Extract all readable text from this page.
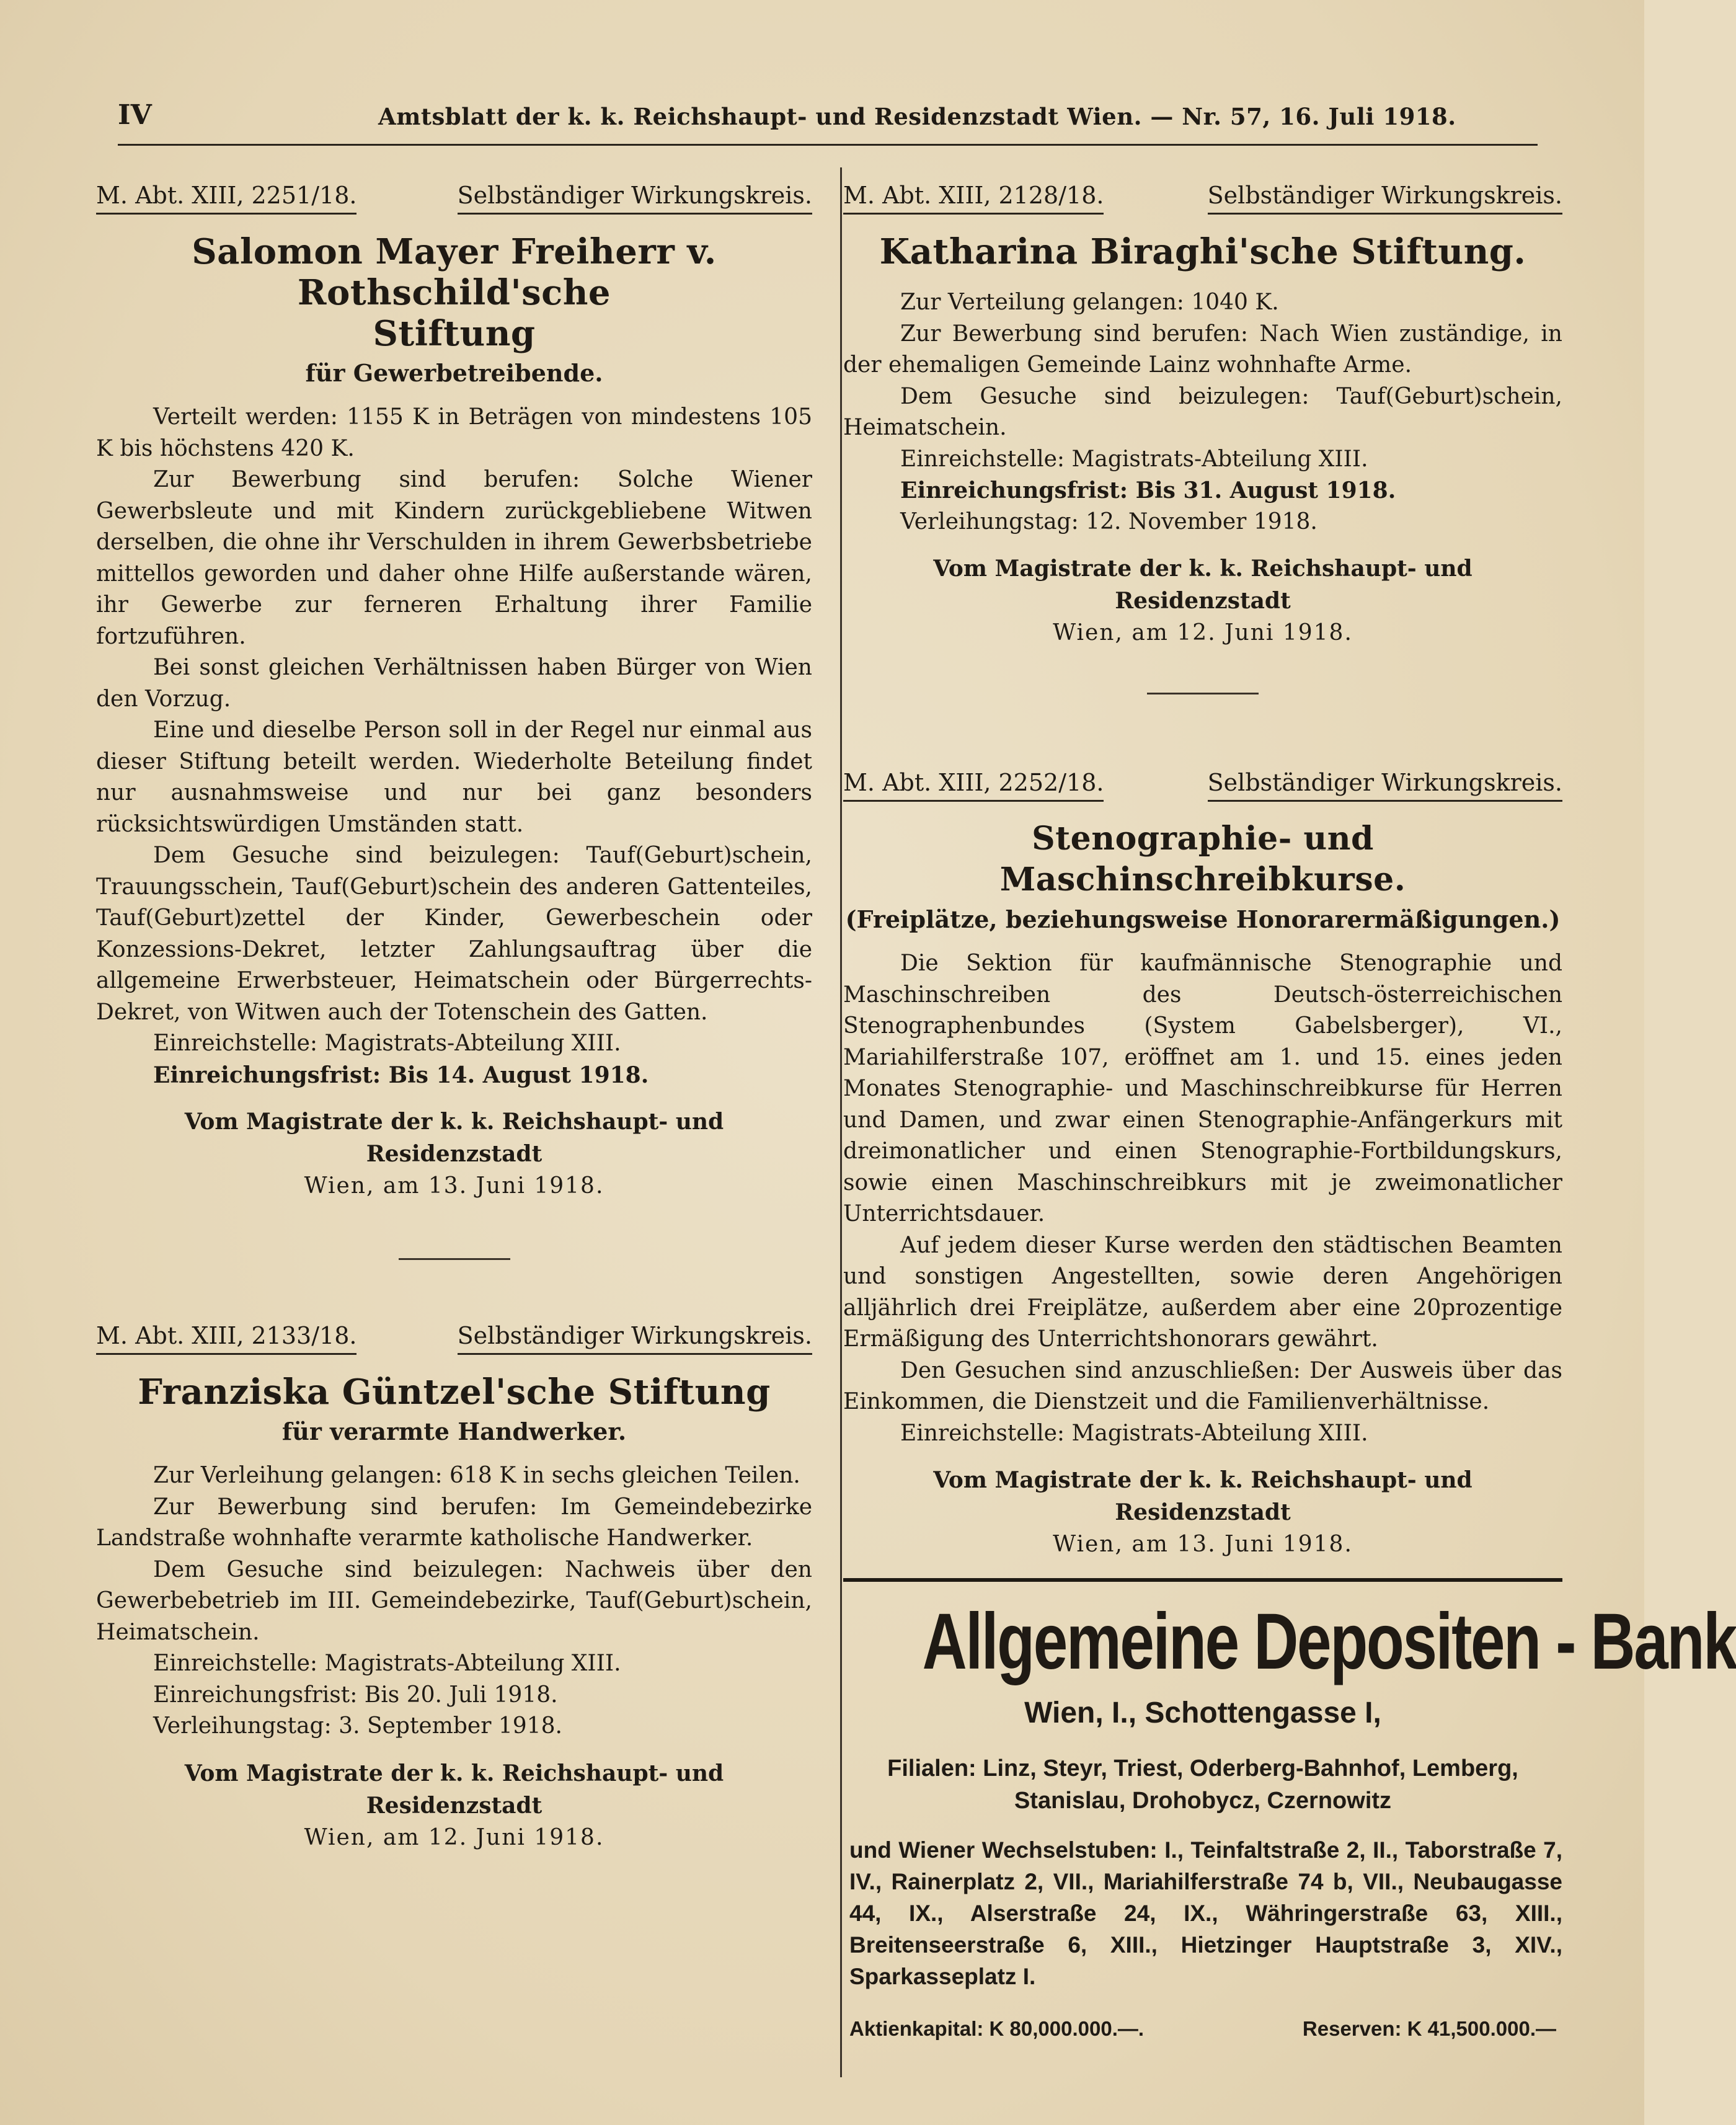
IV	Amtsblatt der k. k. Reichshaupt- und Residenzstadt Wien. — Nr. 57, 16. Juli 1918.
M. Abt. XIII, 2251/18.	Selbständiger Wirkungskreis.
Salomon Mayer Freiherr v. Rothschild'sche
Stiftung
für Gewerbetreibende.

Verteilt werden: 1155 K in Beträgen von mindestens 105 K bis höchstens 420 K.

Zur Bewerbung sind berufen: Solche Wiener Gewerbsleute und mit Kindern zurückgebliebene Witwen derselben, die ohne ihr Verschulden in ihrem Gewerbsbetriebe mittellos geworden und daher ohne Hilfe außerstande wären, ihr Gewerbe zur ferneren Erhaltung ihrer Familie fortzuführen.

Bei sonst gleichen Verhältnissen haben Bürger von Wien den Vorzug.

Eine und dieselbe Person soll in der Regel nur einmal aus dieser Stiftung beteilt werden. Wiederholte Beteilung findet nur ausnahmsweise und nur bei ganz besonders rücksichtswürdigen Umständen statt.

Dem Gesuche sind beizulegen: Tauf(Geburt)schein, Trauungsschein, Tauf(Geburt)schein des anderen Gattenteiles, Tauf(Geburt)zettel der Kinder, Gewerbeschein oder Konzessions-Dekret, letzter Zahlungsauftrag über die allgemeine Erwerbsteuer, Heimatschein oder Bürgerrechts-Dekret, von Witwen auch der Totenschein des Gatten.

Einreichstelle: Magistrats-Abteilung XIII.

Einreichungsfrist: Bis 14. August 1918.

Vom Magistrate der k. k. Reichshaupt- und Residenzstadt
Wien, am 13. Juni 1918.
M. Abt. XIII, 2133/18.	Selbständiger Wirkungskreis.
Franziska Güntzel'sche Stiftung
für verarmte Handwerker.

Zur Verleihung gelangen: 618 K in sechs gleichen Teilen.

Zur Bewerbung sind berufen: Im Gemeindebezirke Landstraße wohnhafte verarmte katholische Handwerker.

Dem Gesuche sind beizulegen: Nachweis über den Gewerbebetrieb im III. Gemeindebezirke, Tauf(Geburt)schein, Heimatschein.

Einreichstelle: Magistrats-Abteilung XIII.

Einreichungsfrist: Bis 20. Juli 1918.

Verleihungstag: 3. September 1918.

Vom Magistrate der k. k. Reichshaupt- und Residenzstadt
Wien, am 12. Juni 1918.
M. Abt. XIII, 2128/18.	Selbständiger Wirkungskreis.
Katharina Biraghi'sche Stiftung.

Zur Verteilung gelangen: 1040 K.

Zur Bewerbung sind berufen: Nach Wien zuständige, in der ehemaligen Gemeinde Lainz wohnhafte Arme.

Dem Gesuche sind beizulegen: Tauf(Geburt)schein, Heimatschein.

Einreichstelle: Magistrats-Abteilung XIII.

Einreichungsfrist: Bis 31. August 1918.

Verleihungstag: 12. November 1918.

Vom Magistrate der k. k. Reichshaupt- und Residenzstadt
Wien, am 12. Juni 1918.
M. Abt. XIII, 2252/18.	Selbständiger Wirkungskreis.
Stenographie- und Maschinschreibkurse.
(Freiplätze, beziehungsweise Honorarermäßigungen.)

Die Sektion für kaufmännische Stenographie und Maschinschreiben des Deutsch-österreichischen Stenographenbundes (System Gabelsberger), VI., Mariahilferstraße 107, eröffnet am 1. und 15. eines jeden Monates Stenographie- und Maschinschreibkurse für Herren und Damen, und zwar einen Stenographie-Anfängerkurs mit dreimonatlicher und einen Stenographie-Fortbildungskurs, sowie einen Maschinschreibkurs mit je zweimonatlicher Unterrichtsdauer.

Auf jedem dieser Kurse werden den städtischen Beamten und sonstigen Angestellten, sowie deren Angehörigen alljährlich drei Freiplätze, außerdem aber eine 20prozentige Ermäßigung des Unterrichtshonorars gewährt.

Den Gesuchen sind anzuschließen: Der Ausweis über das Einkommen, die Dienstzeit und die Familienverhältnisse.

Einreichstelle: Magistrats-Abteilung XIII.

Vom Magistrate der k. k. Reichshaupt- und Residenzstadt
Wien, am 13. Juni 1918.
Allgemeine Depositen - Bank
Wien, I., Schottengasse I,
Filialen: Linz, Steyr, Triest, Oderberg-Bahnhof, Lemberg, Stanislau, Drohobycz, Czernowitz
und Wiener Wechselstuben: I., Teinfaltstraße 2, II., Taborstraße 7, IV., Rainerplatz 2, VII., Mariahilferstraße 74 b, VII., Neubaugasse 44, IX., Alserstraße 24, IX., Währingerstraße 63, XIII., Breitenseerstraße 6, XIII., Hietzinger Hauptstraße 3, XIV., Sparkasseplatz I.
Aktienkapital: K 80,000.000.—.	Reserven: K 41,500.000.—
